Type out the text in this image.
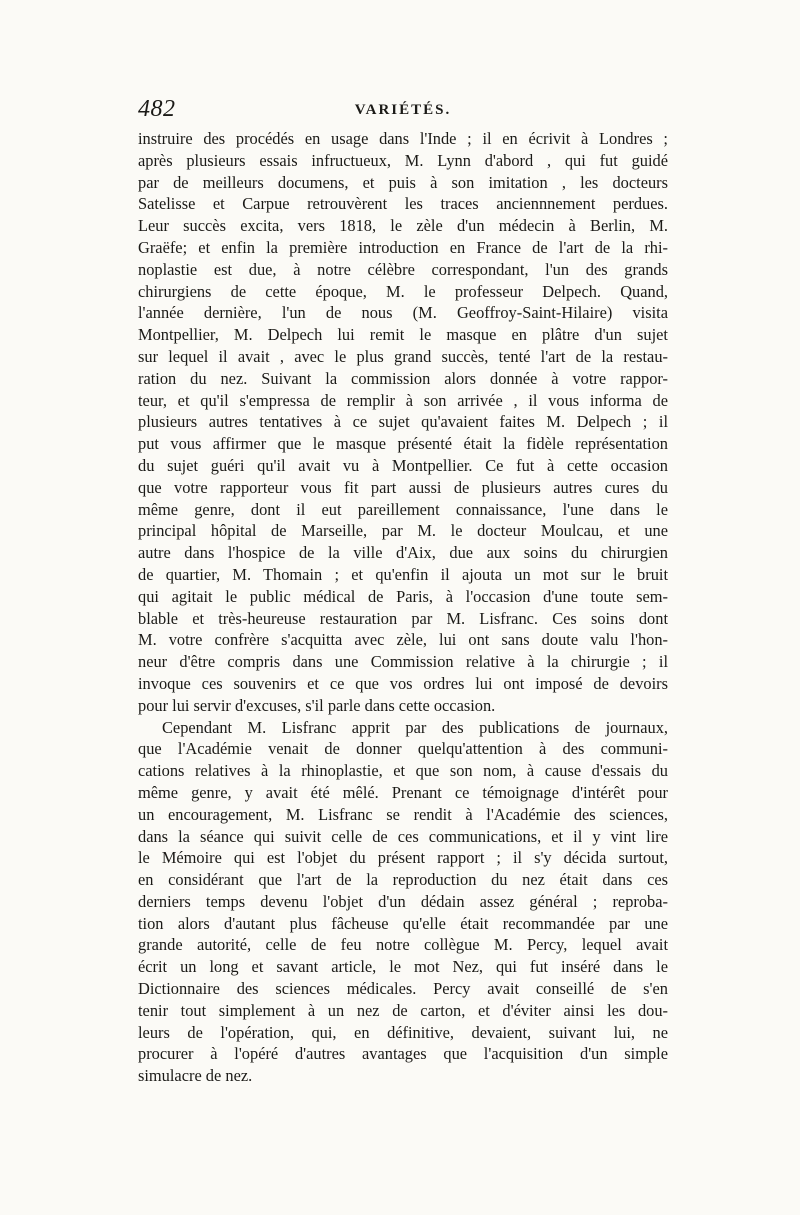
482	VARIÉTÉS.
instruire des procédés en usage dans l'Inde ; il en écrivit à Londres ;
après plusieurs essais infructueux, M. Lynn d'abord , qui fut guidé
par de meilleurs documens, et puis à son imitation , les docteurs
Satelisse et Carpue retrouvèrent les traces anciennnement perdues.
Leur succès excita, vers 1818, le zèle d'un médecin à Berlin, M.
Graëfe; et enfin la première introduction en France de l'art de la rhi-
noplastie est due, à notre célèbre correspondant, l'un des grands
chirurgiens de cette époque, M. le professeur Delpech. Quand,
l'année dernière, l'un de nous (M. Geoffroy-Saint-Hilaire) visita
Montpellier, M. Delpech lui remit le masque en plâtre d'un sujet
sur lequel il avait , avec le plus grand succès, tenté l'art de la restau-
ration du nez. Suivant la commission alors donnée à votre rappor-
teur, et qu'il s'empressa de remplir à son arrivée , il vous informa de
plusieurs autres tentatives à ce sujet qu'avaient faites M. Delpech ; il
put vous affirmer que le masque présenté était la fidèle représentation
du sujet guéri qu'il avait vu à Montpellier. Ce fut à cette occasion
que votre rapporteur vous fit part aussi de plusieurs autres cures du
même genre, dont il eut pareillement connaissance, l'une dans le
principal hôpital de Marseille, par M. le docteur Moulcau, et une
autre dans l'hospice de la ville d'Aix, due aux soins du chirurgien
de quartier, M. Thomain ; et qu'enfin il ajouta un mot sur le bruit
qui agitait le public médical de Paris, à l'occasion d'une toute sem-
blable et très-heureuse restauration par M. Lisfranc. Ces soins dont
M. votre confrère s'acquitta avec zèle, lui ont sans doute valu l'hon-
neur d'être compris dans une Commission relative à la chirurgie ; il
invoque ces souvenirs et ce que vos ordres lui ont imposé de devoirs
pour lui servir d'excuses, s'il parle dans cette occasion.
Cependant M. Lisfranc apprit par des publications de journaux,
que l'Académie venait de donner quelqu'attention à des communi-
cations relatives à la rhinoplastie, et que son nom, à cause d'essais du
même genre, y avait été mêlé. Prenant ce témoignage d'intérêt pour
un encouragement, M. Lisfranc se rendit à l'Académie des sciences,
dans la séance qui suivit celle de ces communications, et il y vint lire
le Mémoire qui est l'objet du présent rapport ; il s'y décida surtout,
en considérant que l'art de la reproduction du nez était dans ces
derniers temps devenu l'objet d'un dédain assez général ; reproba-
tion alors d'autant plus fâcheuse qu'elle était recommandée par une
grande autorité, celle de feu notre collègue M. Percy, lequel avait
écrit un long et savant article, le mot Nez, qui fut inséré dans le
Dictionnaire des sciences médicales. Percy avait conseillé de s'en
tenir tout simplement à un nez de carton, et d'éviter ainsi les dou-
leurs de l'opération, qui, en définitive, devaient, suivant lui, ne
procurer à l'opéré d'autres avantages que l'acquisition d'un simple
simulacre de nez.
